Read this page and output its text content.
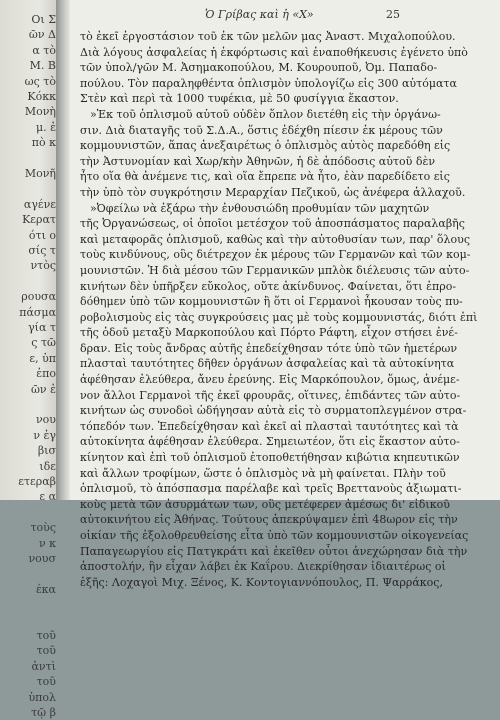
Οι Σ
ῶν Δ
α τὸ
Μ. Β
ως τὸ
Κόκκ
Μονὴ
μ. ἐ
πὸ κ
Μονῆ
αγένε
Κερατ
ότι ο
σίς τ
ντὸς
ρουσα
πάσμα
γία τ
ς τῶ
ε, ὑπ
ἐπο
ῶν ἐ
νου
ν ἐγ
βισ
ιδε
ετεραβ
ε α
τοὺς
ν κ
νουσ
έκα
τοῦ
τοῦ
ἀντὶ
τοῦ
ὑπολ
τῷ β
Ὁ Γρίβας καὶ ἡ «Χ»	25
τὸ ἐκεῖ ἐργοστάσιον τοῦ ἐκ τῶν μελῶν μας Ἀναστ. Μιχαλοπούλου.
Διὰ λόγους ἀσφαλείας ἡ ἐκφόρτωσις καὶ ἐναποθήκευσις ἐγένετο ὑπὸ
τῶν ὑπολ/γῶν Μ. Ἀσημακοπούλου, Μ. Κουρουποῦ, Ὀμ. Παπαδο-
πούλου. Τὸν παραληφθέντα ὁπλισμὸν ὑπολογίζω εἰς 300 αὐτόματα
Στὲν καὶ περὶ τὰ 1000 τυφέκια, μὲ 50 φυσίγγια ἕκαστον.
»Ἐκ τοῦ ὁπλισμοῦ αὐτοῦ οὐδὲν ὅπλον διετέθη εἰς τὴν ὀργάνω-
σιν. Διὰ διαταγῆς τοῦ Σ.Δ.Α., ὅστις ἐδέχθη πίεσιν ἐκ μέρους τῶν
κομμουνιστῶν, ἅπας ἀνεξαιρέτως ὁ ὁπλισμὸς αὐτὸς παρεδόθη εἰς
τὴν Ἀστυνομίαν καὶ Χωρ/κὴν Ἀθηνῶν, ἡ δὲ ἀπόδοσις αὐτοῦ δὲν
ἦτο οἵα θὰ ἀνέμενε τις, καὶ οἵα ἔπρεπε νὰ ἦτο, ἐὰν παρεδίδετο εἰς
τὴν ὑπὸ τὸν συγκρότησιν Μεραρχίαν Πεζικοῦ, ὡς ἀνέφερα ἀλλαχοῦ.
»Ὀφείλω νὰ ἐξάρω τὴν ἐνθουσιώδη προθυμίαν τῶν μαχητῶν
τῆς Ὀργανώσεως, οἱ ὁποῖοι μετέσχον τοῦ ἀποσπάσματος παραλαβῆς
καὶ μεταφορᾶς ὁπλισμοῦ, καθὼς καὶ τὴν αὐτοθυσίαν των, παρ' ὅλους
τοὺς κινδύνους, οὓς διέτρεχον ἐκ μέρους τῶν Γερμανῶν καὶ τῶν κομ-
μουνιστῶν. Ἡ διὰ μέσου τῶν Γερμανικῶν μπλὸκ διέλευσις τῶν αὐτο-
κινήτων δὲν ὑπῆρξεν εὔκολος, οὔτε ἀκίνδυνος. Φαίνεται, ὅτι ἐπρο-
δόθημεν ὑπὸ τῶν κομμουνιστῶν ἢ ὅτι οἱ Γερμανοὶ ἦκουσαν τοὺς πυ-
ροβολισμοὺς εἰς τὰς συγκρούσεις μας μὲ τοὺς κομμουνιστάς, διότι ἐπὶ
τῆς ὁδοῦ μεταξὺ Μαρκοπούλου καὶ Πόρτο Ράφτη, εἶχον στήσει ἐνέ-
δραν. Εἰς τοὺς ἄνδρας αὐτῆς ἐπεδείχθησαν τότε ὑπὸ τῶν ἡμετέρων
πλασταὶ ταυτότητες δῆθεν ὀργάνων ἀσφαλείας καὶ τὰ αὐτοκίνητα
ἀφέθησαν ἐλεύθερα, ἄνευ ἐρεύνης. Εἰς Μαρκόπουλον, ὅμως, ἀνέμε-
νον ἄλλοι Γερμανοὶ τῆς ἐκεῖ φρουρᾶς, οἵτινες, ἐπιδάντες τῶν αὐτο-
κινήτων ὡς συνοδοὶ ὡδήγησαν αὐτὰ εἰς τὸ συρματοπλεγμένον στρα-
τόπεδόν των. Ἐπεδείχθησαν καὶ ἐκεῖ αἱ πλασταὶ ταυτότητες καὶ τὰ
αὐτοκίνητα ἀφέθησαν ἐλεύθερα. Σημειωτέον, ὅτι εἰς ἕκαστον αὐτο-
κίνητον καὶ ἐπὶ τοῦ ὁπλισμοῦ ἐτοποθετήθησαν κιβώτια κηπευτικῶν
καὶ ἄλλων τροφίμων, ὥστε ὁ ὁπλισμὸς νὰ μὴ φαίνεται. Πλὴν τοῦ
ὁπλισμοῦ, τὸ ἀπόσπασμα παρέλαβε καὶ τρεῖς Βρεττανοὺς ἀξιωματι-
κοὺς μετὰ τῶν ἀσυρμάτων των, οὓς μετέφερεν ἀμέσως δι' εἰδικοῦ
αὐτοκινήτου εἰς Ἀθήνας. Τούτους ἀπεκρύψαμεν ἐπὶ 48ωρον εἰς τὴν
οἰκίαν τῆς ἐξολοθρευθείσης εἶτα ὑπὸ τῶν κομμουνιστῶν οἰκογενείας
Παπαγεωργίου εἰς Πατγκράτι καὶ ἐκεῖθεν οὗτοι ἀνεχώρησαν διὰ τὴν
ἀποστολήν, ἣν εἶχαν λάβει ἐκ Καΐρου. Διεκρίθησαν ἰδιαιτέρως οἱ
ἑξῆς: Λοχαγοὶ Μιχ. Ξένος, Κ. Κοντογιαννόπουλος, Π. Ψαρράκος,
